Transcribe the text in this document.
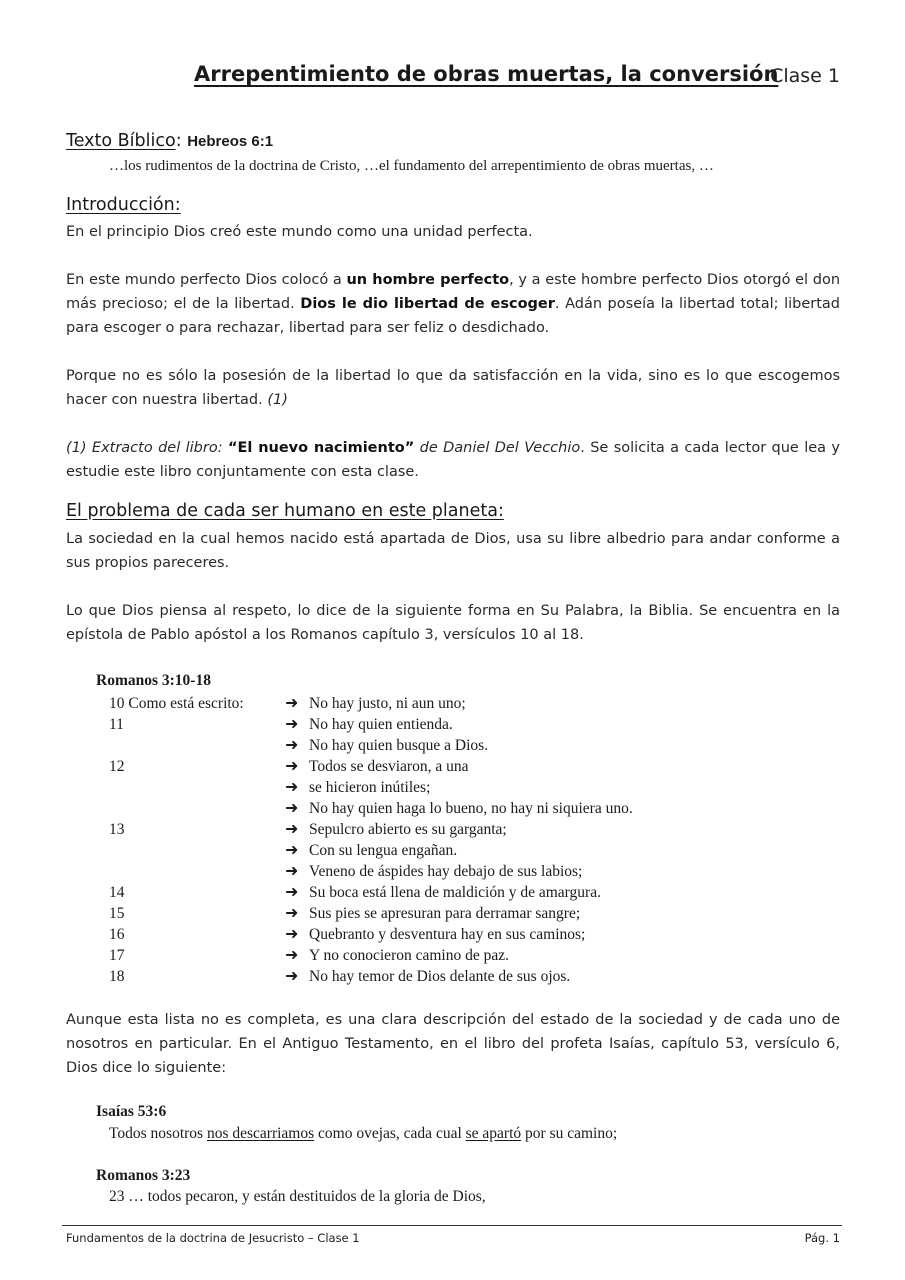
Arrepentimiento de obras muertas, la conversión
Clase 1
Texto Bíblico: Hebreos 6:1
…los rudimentos de la doctrina de Cristo, …el fundamento del arrepentimiento de obras muertas, …
Introducción:

En el principio Dios creó este mundo como una unidad perfecta.

En este mundo perfecto Dios colocó a un hombre perfecto, y a este hombre perfecto Dios otorgó el don más precioso; el de la libertad. Dios le dio libertad de escoger. Adán poseía la libertad total; libertad para escoger o para rechazar, libertad para ser feliz o desdichado.

Porque no es sólo la posesión de la libertad lo que da satisfacción en la vida, sino es lo que escogemos hacer con nuestra libertad. (1)

(1) Extracto del libro: “El nuevo nacimiento” de Daniel Del Vecchio. Se solicita a cada lector que lea y estudie este libro conjuntamente con esta clase.

El problema de cada ser humano en este planeta:

La sociedad en la cual hemos nacido está apartada de Dios, usa su libre albedrio para andar conforme a sus propios pareceres.

Lo que Dios piensa al respeto, lo dice de la siguiente forma en Su Palabra, la Biblia. Se encuentra en la epístola de Pablo apóstol a los Romanos capítulo 3, versículos 10 al 18.

Romanos 3:10-18
10 Como está escrito:	➜ No hay justo, ni aun uno;
11	➜ No hay quien entienda.
➜ No hay quien busque a Dios.
12	➜ Todos se desviaron, a una
➜ se hicieron inútiles;
➜ No hay quien haga lo bueno, no hay ni siquiera uno.
13	➜ Sepulcro abierto es su garganta;
➜ Con su lengua engañan.
➜ Veneno de áspides hay debajo de sus labios;
14	➜ Su boca está llena de maldición y de amargura.
15	➜ Sus pies se apresuran para derramar sangre;
16	➜ Quebranto y desventura hay en sus caminos;
17	➜ Y no conocieron camino de paz.
18	➜ No hay temor de Dios delante de sus ojos.

Aunque esta lista no es completa, es una clara descripción del estado de la sociedad y de cada uno de nosotros en particular. En el Antiguo Testamento, en el libro del profeta Isaías, capítulo 53, versículo 6, Dios dice lo siguiente:

Isaías 53:6
Todos nosotros nos descarriamos como ovejas, cada cual se apartó por su camino;
Romanos 3:23
23 … todos pecaron, y están destituidos de la gloria de Dios,
Fundamentos de la doctrina de Jesucristo – Clase 1	Pág. 1
